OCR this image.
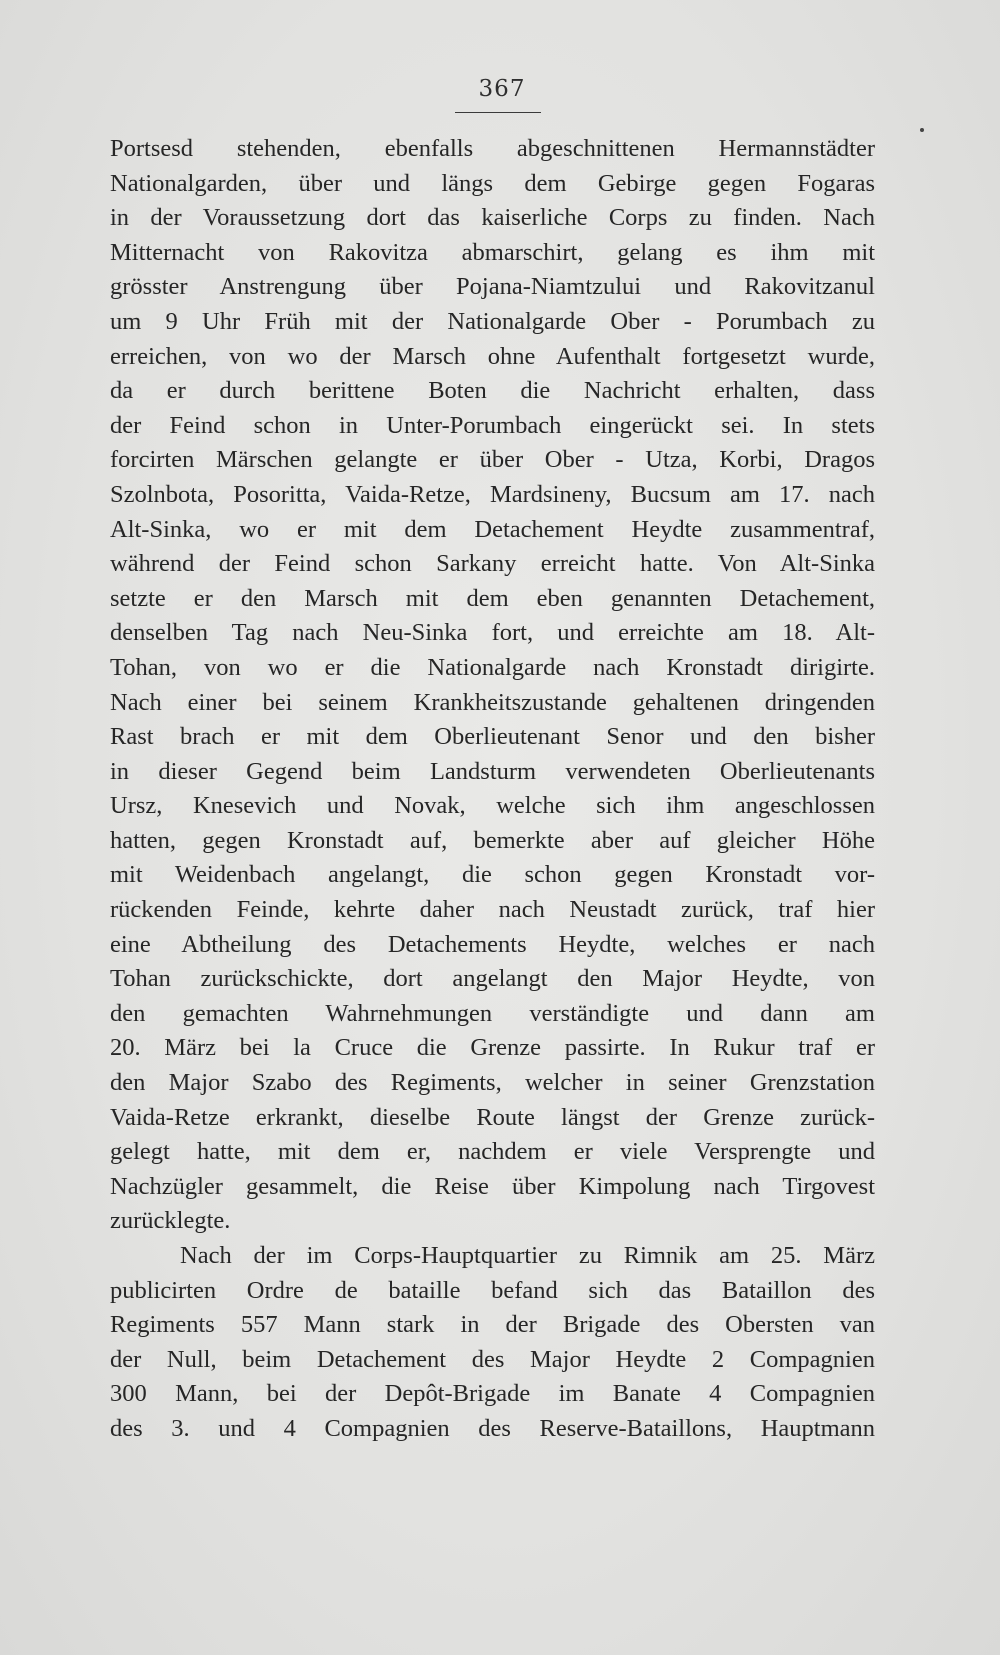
367
Portsesd stehenden, ebenfalls abgeschnittenen Hermannstädter
Nationalgarden, über und längs dem Gebirge gegen Fogaras
in der Voraussetzung dort das kaiserliche Corps zu finden. Nach
Mitternacht von Rakovitza abmarschirt, gelang es ihm mit
grösster Anstrengung über Pojana-Niamtzului und Rakovitzanul
um 9 Uhr Früh mit der Nationalgarde Ober - Porumbach zu
erreichen, von wo der Marsch ohne Aufenthalt fortgesetzt wurde,
da er durch berittene Boten die Nachricht erhalten, dass
der Feind schon in Unter-Porumbach eingerückt sei. In stets
forcirten Märschen gelangte er über Ober - Utza, Korbi, Dragos
Szolnbota, Posoritta, Vaida-Retze, Mardsineny, Bucsum am 17. nach
Alt-Sinka, wo er mit dem Detachement Heydte zusammentraf,
während der Feind schon Sarkany erreicht hatte. Von Alt-Sinka
setzte er den Marsch mit dem eben genannten Detachement,
denselben Tag nach Neu-Sinka fort, und erreichte am 18. Alt-
Tohan, von wo er die Nationalgarde nach Kronstadt dirigirte.
Nach einer bei seinem Krankheitszustande gehaltenen dringenden
Rast brach er mit dem Oberlieutenant Senor und den bisher
in dieser Gegend beim Landsturm verwendeten Oberlieutenants
Ursz, Knesevich und Novak, welche sich ihm angeschlossen
hatten, gegen Kronstadt auf, bemerkte aber auf gleicher Höhe
mit Weidenbach angelangt, die schon gegen Kronstadt vor-
rückenden Feinde, kehrte daher nach Neustadt zurück, traf hier
eine Abtheilung des Detachements Heydte, welches er nach
Tohan zurückschickte, dort angelangt den Major Heydte, von
den gemachten Wahrnehmungen verständigte und dann am
20. März bei la Cruce die Grenze passirte. In Rukur traf er
den Major Szabo des Regiments, welcher in seiner Grenzstation
Vaida-Retze erkrankt, dieselbe Route längst der Grenze zurück-
gelegt hatte, mit dem er, nachdem er viele Versprengte und
Nachzügler gesammelt, die Reise über Kimpolung nach Tirgovest
zurücklegte.
Nach der im Corps-Hauptquartier zu Rimnik am 25. März
publicirten Ordre de bataille befand sich das Bataillon des
Regiments 557 Mann stark in der Brigade des Obersten van
der Null, beim Detachement des Major Heydte 2 Compagnien
300 Mann, bei der Depôt-Brigade im Banate 4 Compagnien
des 3. und 4 Compagnien des Reserve-Bataillons, Hauptmann
